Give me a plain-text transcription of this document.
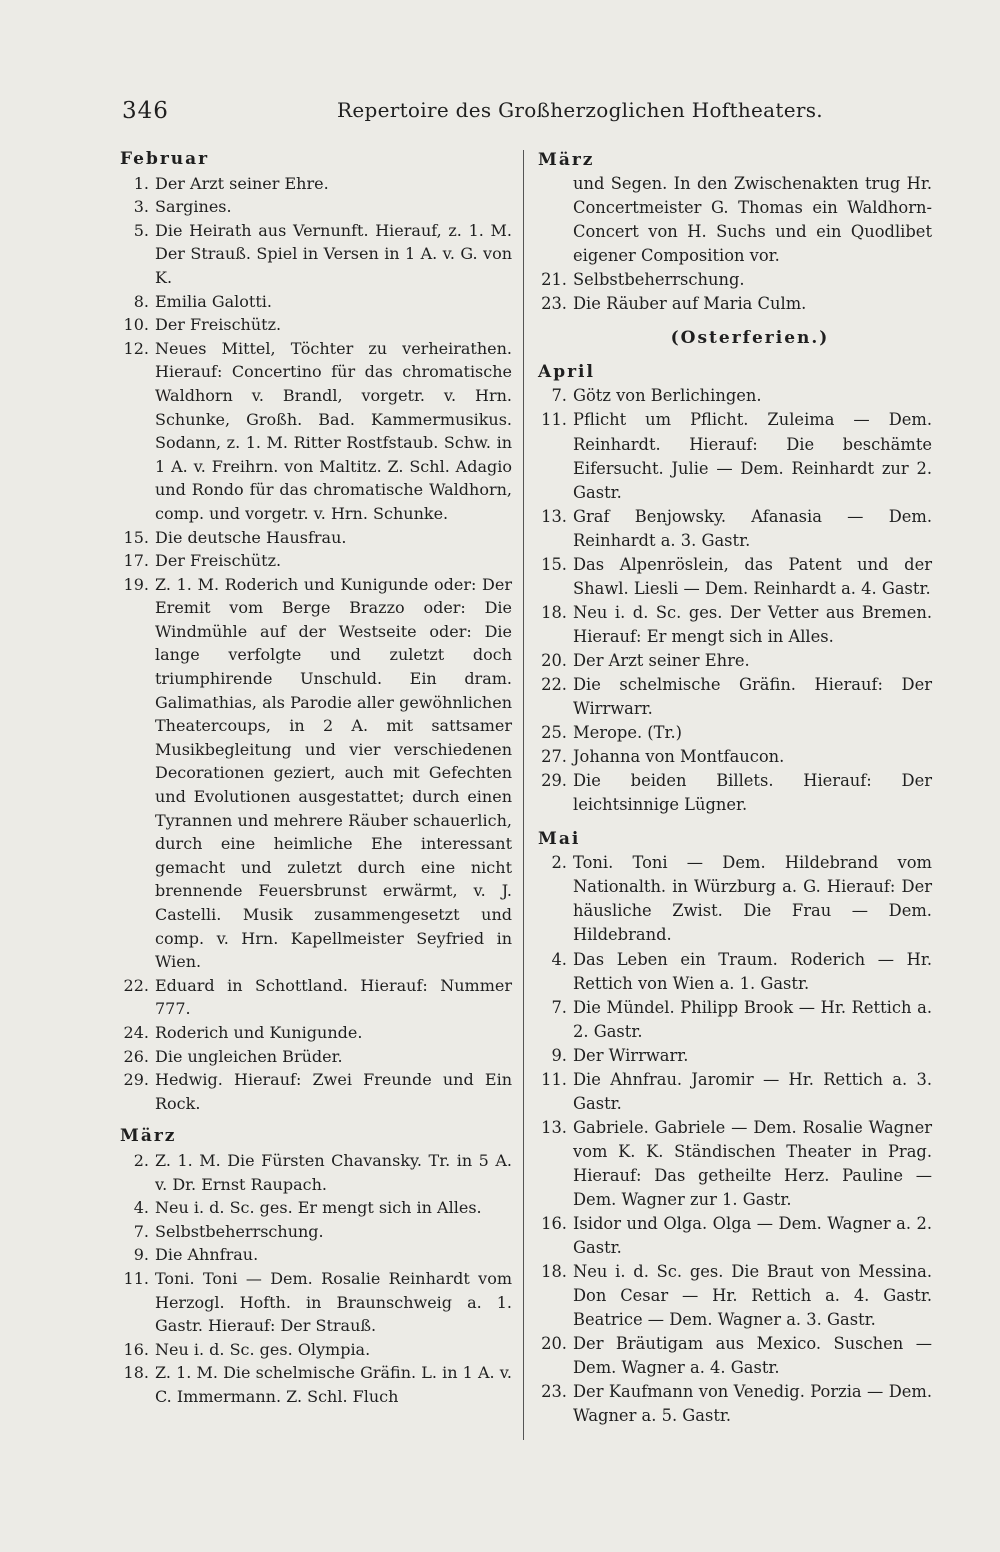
346	Repertoire des Großherzoglichen Hoftheaters.
Februar
1. Der Arzt seiner Ehre.
3. Sargines.
5. Die Heirath aus Vernunft. Hierauf, z. 1. M. Der Strauß. Spiel in Versen in 1 A. v. G. von K.
8. Emilia Galotti.
10. Der Freischütz.
12. Neues Mittel, Töchter zu verheirathen. Hierauf: Concertino für das chromatische Waldhorn v. Brandl, vorgetr. v. Hrn. Schunke, Großh. Bad. Kammermusikus. Sodann, z. 1. M. Ritter Rostfstaub. Schw. in 1 A. v. Freihrn. von Maltitz. Z. Schl. Adagio und Rondo für das chromatische Waldhorn, comp. und vorgetr. v. Hrn. Schunke.
15. Die deutsche Hausfrau.
17. Der Freischütz.
19. Z. 1. M. Roderich und Kunigunde oder: Der Eremit vom Berge Brazzo oder: Die Windmühle auf der Westseite oder: Die lange verfolgte und zuletzt doch triumphirende Unschuld. Ein dram. Galimathias, als Parodie aller gewöhnlichen Theatercoups, in 2 A. mit sattsamer Musikbegleitung und vier verschiedenen Decorationen geziert, auch mit Gefechten und Evolutionen ausgestattet; durch einen Tyrannen und mehrere Räuber schauerlich, durch eine heimliche Ehe interessant gemacht und zuletzt durch eine nicht brennende Feuersbrunst erwärmt, v. J. Castelli. Musik zusammengesetzt und comp. v. Hrn. Kapellmeister Seyfried in Wien.
22. Eduard in Schottland. Hierauf: Nummer 777.
24. Roderich und Kunigunde.
26. Die ungleichen Brüder.
29. Hedwig. Hierauf: Zwei Freunde und Ein Rock.
März
2. Z. 1. M. Die Fürsten Chavansky. Tr. in 5 A. v. Dr. Ernst Raupach.
4. Neu i. d. Sc. ges. Er mengt sich in Alles.
7. Selbstbeherrschung.
9. Die Ahnfrau.
11. Toni. Toni — Dem. Rosalie Reinhardt vom Herzogl. Hofth. in Braunschweig a. 1. Gastr. Hierauf: Der Strauß.
16. Neu i. d. Sc. ges. Olympia.
18. Z. 1. M. Die schelmische Gräfin. L. in 1 A. v. C. Immermann. Z. Schl. Fluch
März
und Segen. In den Zwischenakten trug Hr. Concertmeister G. Thomas ein Waldhorn-Concert von H. Suchs und ein Quodlibet eigener Composition vor.
21. Selbstbeherrschung.
23. Die Räuber auf Maria Culm.
(Osterferien.)
April
7. Götz von Berlichingen.
11. Pflicht um Pflicht. Zuleima — Dem. Reinhardt. Hierauf: Die beschämte Eifersucht. Julie — Dem. Reinhardt zur 2. Gastr.
13. Graf Benjowsky. Afanasia — Dem. Reinhardt a. 3. Gastr.
15. Das Alpenröslein, das Patent und der Shawl. Liesli — Dem. Reinhardt a. 4. Gastr.
18. Neu i. d. Sc. ges. Der Vetter aus Bremen. Hierauf: Er mengt sich in Alles.
20. Der Arzt seiner Ehre.
22. Die schelmische Gräfin. Hierauf: Der Wirrwarr.
25. Merope. (Tr.)
27. Johanna von Montfaucon.
29. Die beiden Billets. Hierauf: Der leichtsinnige Lügner.
Mai
2. Toni. Toni — Dem. Hildebrand vom Nationalth. in Würzburg a. G. Hierauf: Der häusliche Zwist. Die Frau — Dem. Hildebrand.
4. Das Leben ein Traum. Roderich — Hr. Rettich von Wien a. 1. Gastr.
7. Die Mündel. Philipp Brook — Hr. Rettich a. 2. Gastr.
9. Der Wirrwarr.
11. Die Ahnfrau. Jaromir — Hr. Rettich a. 3. Gastr.
13. Gabriele. Gabriele — Dem. Rosalie Wagner vom K. K. Ständischen Theater in Prag. Hierauf: Das getheilte Herz. Pauline — Dem. Wagner zur 1. Gastr.
16. Isidor und Olga. Olga — Dem. Wagner a. 2. Gastr.
18. Neu i. d. Sc. ges. Die Braut von Messina. Don Cesar — Hr. Rettich a. 4. Gastr. Beatrice — Dem. Wagner a. 3. Gastr.
20. Der Bräutigam aus Mexico. Suschen — Dem. Wagner a. 4. Gastr.
23. Der Kaufmann von Venedig. Porzia — Dem. Wagner a. 5. Gastr.
